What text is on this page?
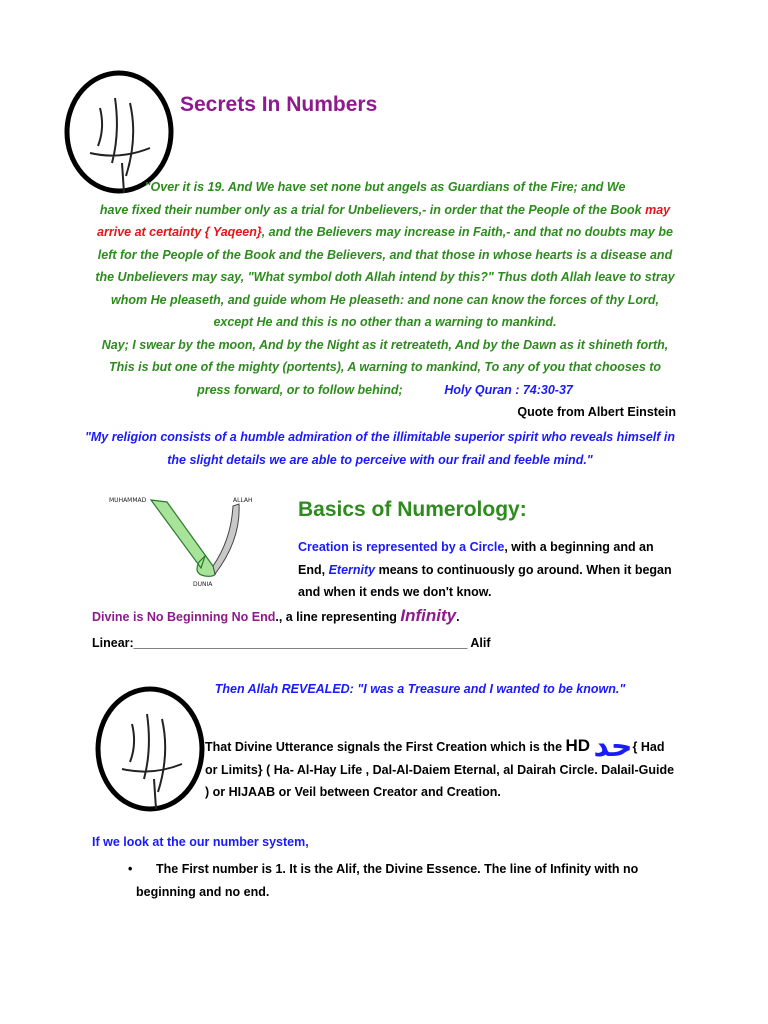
Secrets In Numbers
"Over it is 19. And We have set none but angels as Guardians of the Fire; and We
have fixed their number only as a trial for Unbelievers,- in order that the People of the Book may
arrive at certainty { Yaqeen}, and the Believers may increase in Faith,- and that no doubts may be
left for the People of the Book and the Believers, and that those in whose hearts is a disease and
the Unbelievers may say, "What symbol doth Allah intend by this?" Thus doth Allah leave to stray
whom He pleaseth, and guide whom He pleaseth: and none can know the forces of thy Lord,
except He and this is no other than a warning to mankind.
Nay; I swear by the moon, And by the Night as it retreateth, And by the Dawn as it shineth forth,
This is but one of the mighty (portents), A warning to mankind, To any of you that chooses to
press forward, or to follow behind;	Holy Quran : 74:30-37
Quote from Albert Einstein
"My religion consists of a humble admiration of the illimitable superior spirit who reveals himself in the slight details we are able to perceive with our frail and feeble mind."
MUHAMMAD	ALLAH
DUNIA
Basics of Numerology:
Creation is represented by a Circle, with a beginning and an End, Eternity means to continuously go around. When it began and when it ends we don't know.
Divine is No Beginning No End., a line representing Infinity.
Linear:________________________________________________ Alif
Then Allah REVEALED: "I was a Treasure and I wanted to be known."
That Divine Utterance signals the First Creation which is the HD حد{ Had or Limits} ( Ha- Al-Hay Life , Dal-Al-Daiem Eternal, al Dairah Circle. Dalail-Guide ) or HIJAAB or Veil between Creator and Creation.
If we look at the our number system,
• The First number is 1. It is the Alif, the Divine Essence. The line of Infinity with no beginning and no end.
